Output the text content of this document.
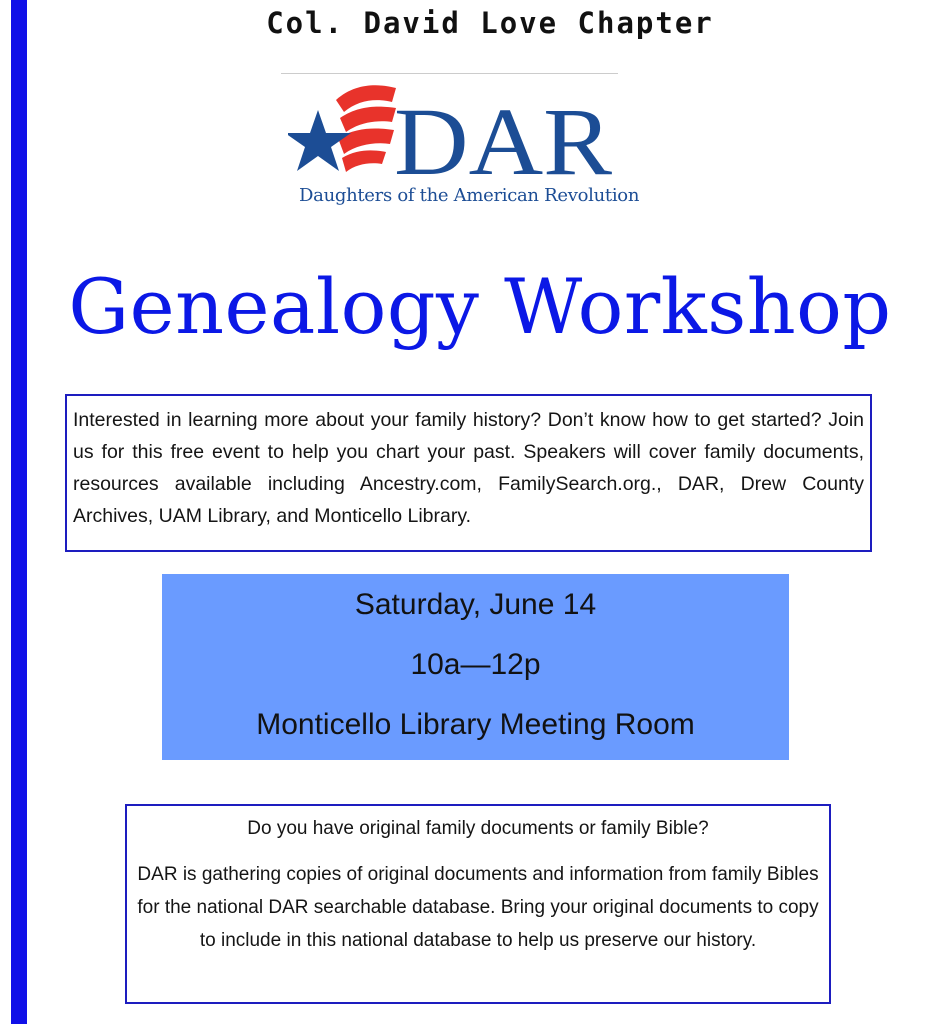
Col. David Love Chapter
DAR
Daughters of the American Revolution
Genealogy Workshop

Interested in learning more about your family history? Don’t know how to get started? Join us for this free event to help you chart your past. Speakers will cover family documents, resources available including Ancestry.com, FamilySearch.org., DAR, Drew County Archives, UAM Library, and Monticello Library.

Saturday, June 14
10a—12p
Monticello Library Meeting Room
Do you have original family documents or family Bible?

DAR is gathering copies of original documents and information from family Bibles for the national DAR searchable database. Bring your original documents to copy to include in this national database to help us preserve our history.
